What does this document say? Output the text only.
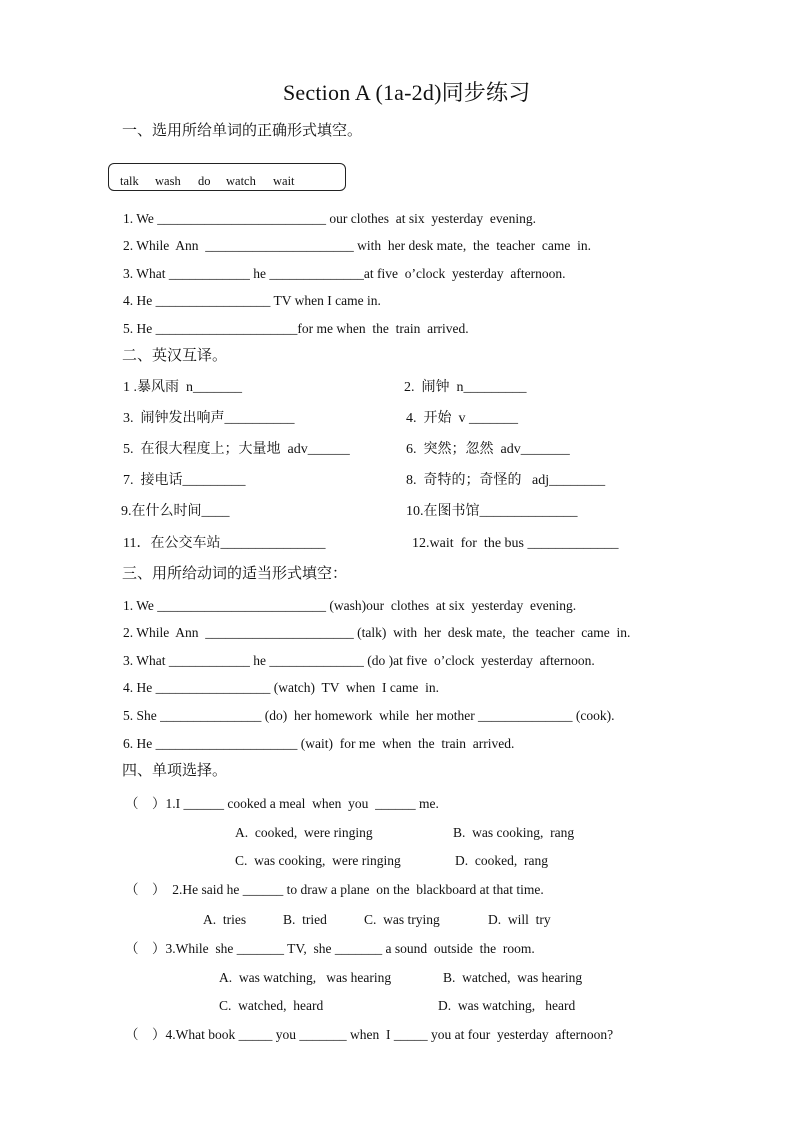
Section A (1a-2d)同步练习
一、选用所给单词的正确形式填空。
talk wash do watch wait
1. We _________________________ our clothes  at six  yesterday  evening.
2. While  Ann  ______________________ with  her desk mate,  the  teacher  came  in.
3. What ____________ he ______________at five  o’clock  yesterday  afternoon.
4. He _________________ TV when I came in.
5. He _____________________for me when  the  train  arrived.
二、英汉互译。
1 .暴风雨  n_______	2.  闹钟  n_________
3.  闹钟发出响声__________	4.  开始  v _______
5.  在很大程度上；大量地  adv______	6.  突然；忽然  adv_______
7.  接电话_________	8.  奇特的；奇怪的   adj________
9.在什么时间____	10.在图书馆______________
11．在公交车站_______________	12.wait  for  the bus _____________
三、用所给动词的适当形式填空：
1. We _________________________ (wash)our  clothes  at six  yesterday  evening.
2. While  Ann  ______________________ (talk)  with  her  desk mate,  the  teacher  came  in.
3. What ____________ he ______________ (do )at five  o’clock  yesterday  afternoon.
4. He _________________ (watch)  TV  when  I came  in.
5. She _______________ (do)  her homework  while  her mother ______________ (cook).
6. He _____________________ (wait)  for me  when  the  train  arrived.
四、单项选择。
（    ）1.I ______ cooked a meal  when  you  ______ me.
A.  cooked,  were ringing	B.  was cooking,  rang
C.  was cooking,  were ringing	D.  cooked,  rang
（    ）  2.He said he ______ to draw a plane  on the  blackboard at that time.
A.  tries	B.  tried	C.  was trying	D.  will  try
（    ）3.While  she _______ TV,  she _______ a sound  outside  the  room.
A.  was watching,   was hearing	B.  watched,  was hearing
C.  watched,  heard	D.  was watching,   heard
（    ）4.What book _____ you _______ when  I _____ you at four  yesterday  afternoon?
